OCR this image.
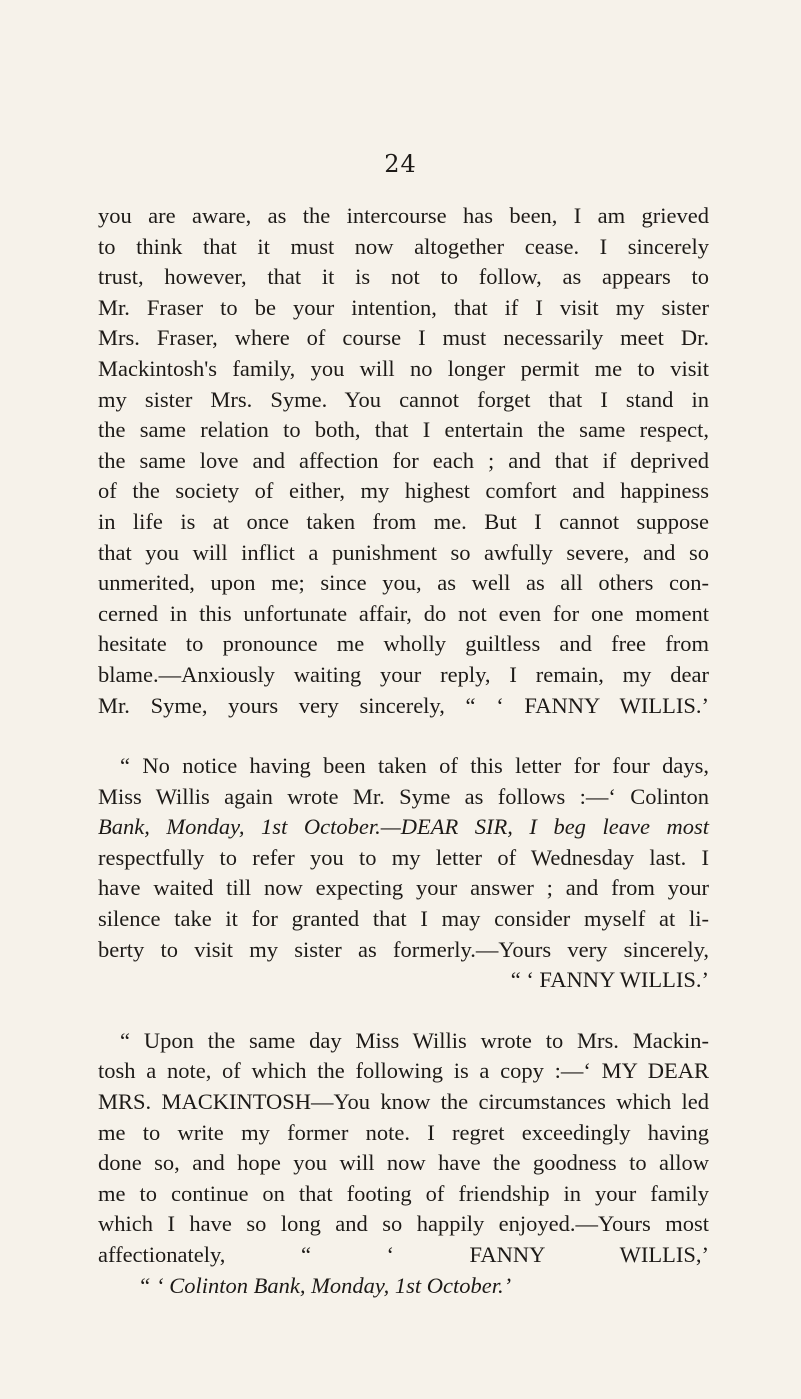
24
you are aware, as the intercourse has been, I am grieved
to think that it must now altogether cease. I sincerely
trust, however, that it is not to follow, as appears to
Mr. Fraser to be your intention, that if I visit my sister
Mrs. Fraser, where of course I must necessarily meet Dr.
Mackintosh's family, you will no longer permit me to visit
my sister Mrs. Syme. You cannot forget that I stand in
the same relation to both, that I entertain the same respect,
the same love and affection for each ; and that if deprived
of the society of either, my highest comfort and happiness
in life is at once taken from me. But I cannot suppose
that you will inflict a punishment so awfully severe, and so
unmerited, upon me; since you, as well as all others con-
cerned in this unfortunate affair, do not even for one moment
hesitate to pronounce me wholly guiltless and free from
blame.—Anxiously waiting your reply, I remain, my dear
Mr. Syme, yours very sincerely, “ ‘ FANNY WILLIS.’
“ No notice having been taken of this letter for four days,
Miss Willis again wrote Mr. Syme as follows :—‘ Colinton
Bank, Monday, 1st October.—DEAR SIR, I beg leave most
respectfully to refer you to my letter of Wednesday last. I
have waited till now expecting your answer ; and from your
silence take it for granted that I may consider myself at li-
berty to visit my sister as formerly.—Yours very sincerely,
“ ‘ FANNY WILLIS.’
“ Upon the same day Miss Willis wrote to Mrs. Mackin-
tosh a note, of which the following is a copy :—‘ MY DEAR
MRS. MACKINTOSH—You know the circumstances which led
me to write my former note. I regret exceedingly having
done so, and hope you will now have the goodness to allow
me to continue on that footing of friendship in your family
which I have so long and so happily enjoyed.—Yours most
affectionately, “ ‘ FANNY WILLIS,’
“ ‘ Colinton Bank, Monday, 1st October.’
